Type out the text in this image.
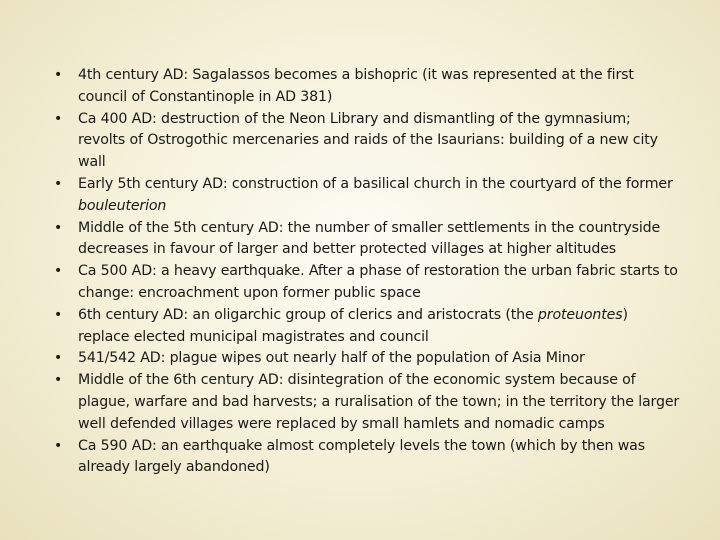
• 4th century AD: Sagalassos becomes a bishopric (it was represented at the first council of Constantinople in AD 381)
• Ca 400 AD: destruction of the Neon Library and dismantling of the gymnasium; revolts of Ostrogothic mercenaries and raids of the Isaurians: building of a new city wall
• Early 5th century AD: construction of a basilical church in the courtyard of the former bouleuterion
• Middle of the 5th century AD: the number of smaller settlements in the countryside decreases in favour of larger and better protected villages at higher altitudes
• Ca 500 AD: a heavy earthquake. After a phase of restoration the urban fabric starts to change: encroachment upon former public space
• 6th century AD: an oligarchic group of clerics and aristocrats (the proteuontes) replace elected municipal magistrates and council
• 541/542 AD: plague wipes out nearly half of the population of Asia Minor
• Middle of the 6th century AD: disintegration of the economic system because of plague, warfare and bad harvests; a ruralisation of the town; in the territory the larger well defended villages were replaced by small hamlets and nomadic camps
• Ca 590 AD: an earthquake almost completely levels the town (which by then was already largely abandoned)
